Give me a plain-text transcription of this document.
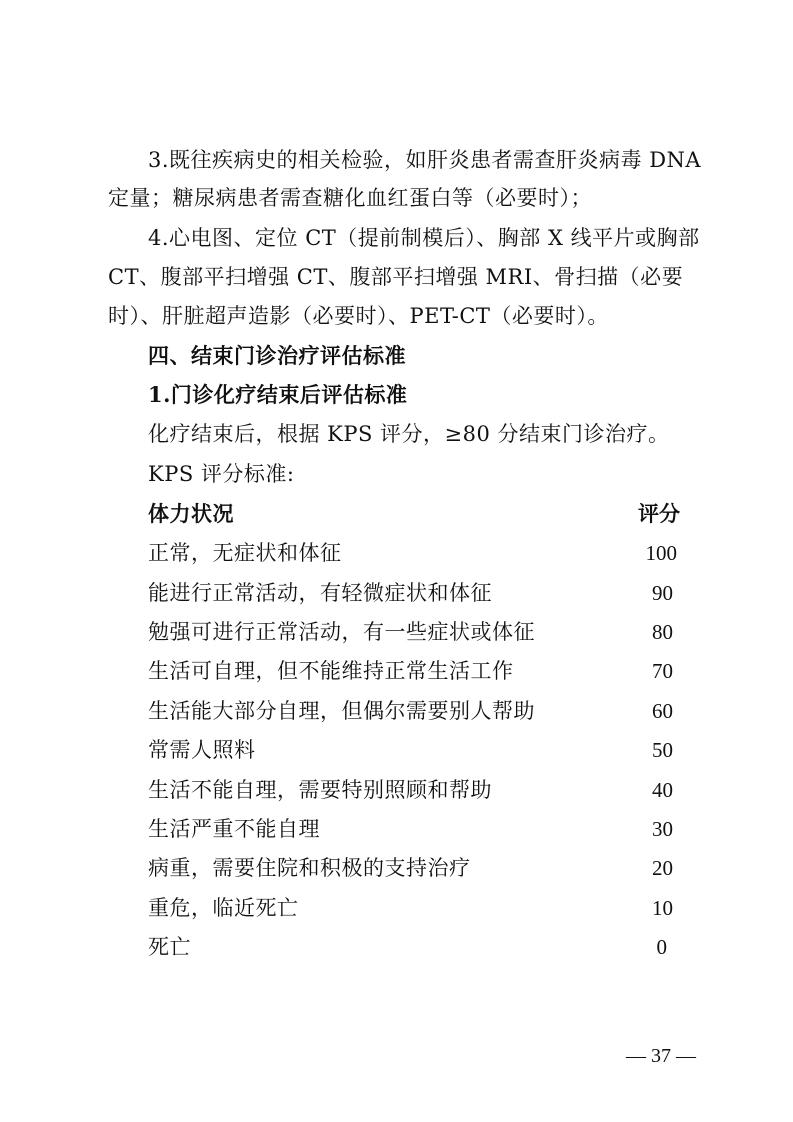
3.既往疾病史的相关检验，如肝炎患者需查肝炎病毒 DNA
定量；糖尿病患者需查糖化血红蛋白等（必要时）；
4.心电图、定位 CT（提前制模后）、胸部 X 线平片或胸部
CT、腹部平扫增强 CT、腹部平扫增强 MRI、骨扫描（必要
时）、肝脏超声造影（必要时）、PET-CT（必要时）。
四、结束门诊治疗评估标准
1.门诊化疗结束后评估标准
化疗结束后，根据 KPS 评分，≥80 分结束门诊治疗。
KPS 评分标准:
体力状况	评分
正常，无症状和体征	100
能进行正常活动，有轻微症状和体征	90
勉强可进行正常活动，有一些症状或体征	80
生活可自理，但不能维持正常生活工作	70
生活能大部分自理，但偶尔需要别人帮助	60
常需人照料	50
生活不能自理，需要特别照顾和帮助	40
生活严重不能自理	30
病重，需要住院和积极的支持治疗	20
重危，临近死亡	10
死亡	0
— 37 —
